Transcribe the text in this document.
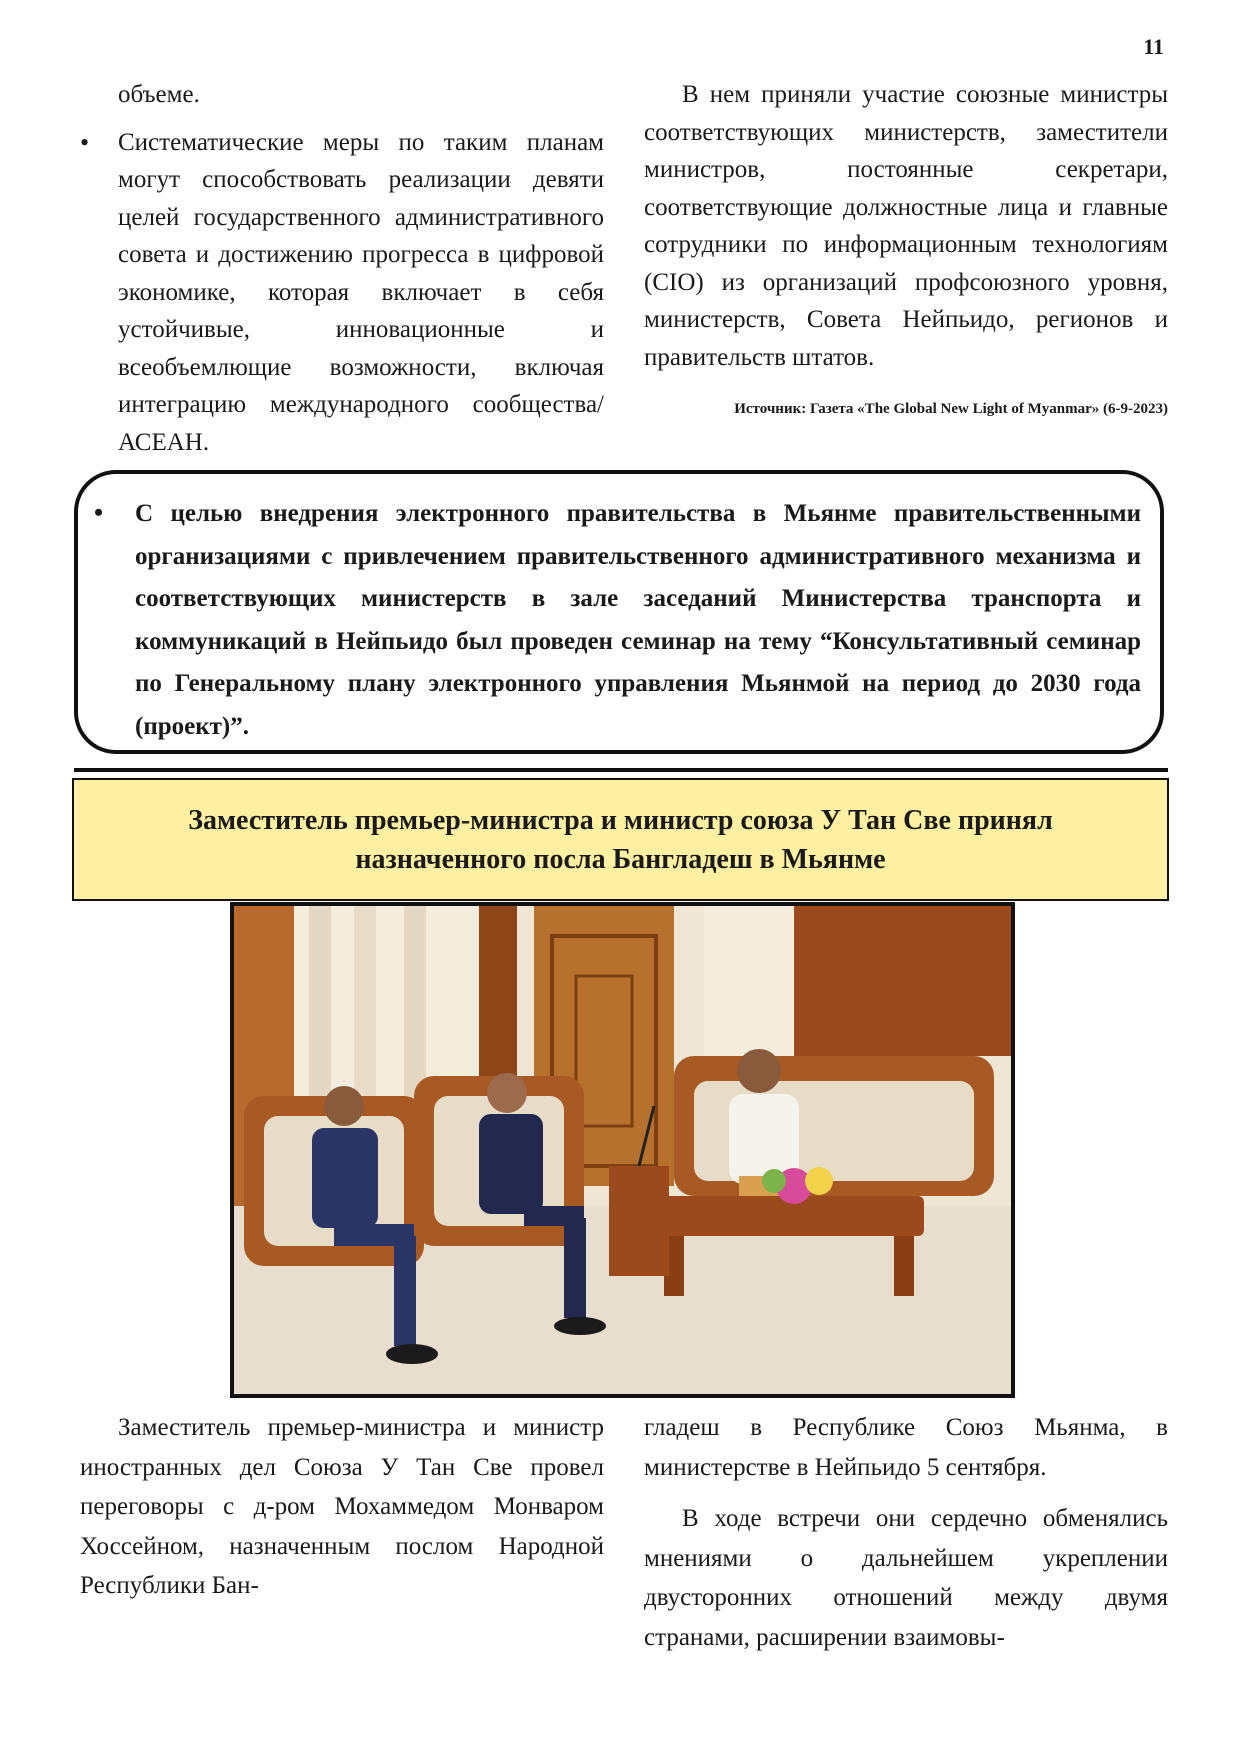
11

объеме.

• Систематические меры по таким планам могут способствовать реализации девяти целей государственного административного совета и достижению прогресса в цифровой экономике, которая включает в себя устойчивые, инновационные и всеобъемлющие возможности, включая интеграцию международного сообщества/АСЕАН.

В нем приняли участие союзные министры соответствующих министерств, заместители министров, постоянные секретари, соответствующие должностные лица и главные сотрудники по информационным технологиям (CIO) из организаций профсоюзного уровня, министерств, Совета Нейпьидо, регионов и правительств штатов.

Источник: Газета «The Global New Light of Myanmar» (6-9-2023)

• С целью внедрения электронного правительства в Мьянме правительственными организациями с привлечением правительственного административного механизма и соответствующих министерств в зале заседаний Министерства транспорта и коммуникаций в Нейпьидо был проведен семинар на тему “Консультативный семинар по Генеральному плану электронного управления Мьянмой на период до 2030 года (проект)”.
Заместитель премьер-министра и министр союза У Тан Све принял
назначенного посла Бангладеш в Мьянме

Заместитель премьер-министра и министр иностранных дел Союза У Тан Све провел переговоры с д-ром Мохаммедом Монваром Хоссейном, назначенным послом Народной Республики Бан-

гладеш в Республике Союз Мьянма, в министерстве в Нейпьидо 5 сентября.

В ходе встречи они сердечно обменялись мнениями о дальнейшем укреплении двусторонних отношений между двумя странами, расширении взаимовы-
